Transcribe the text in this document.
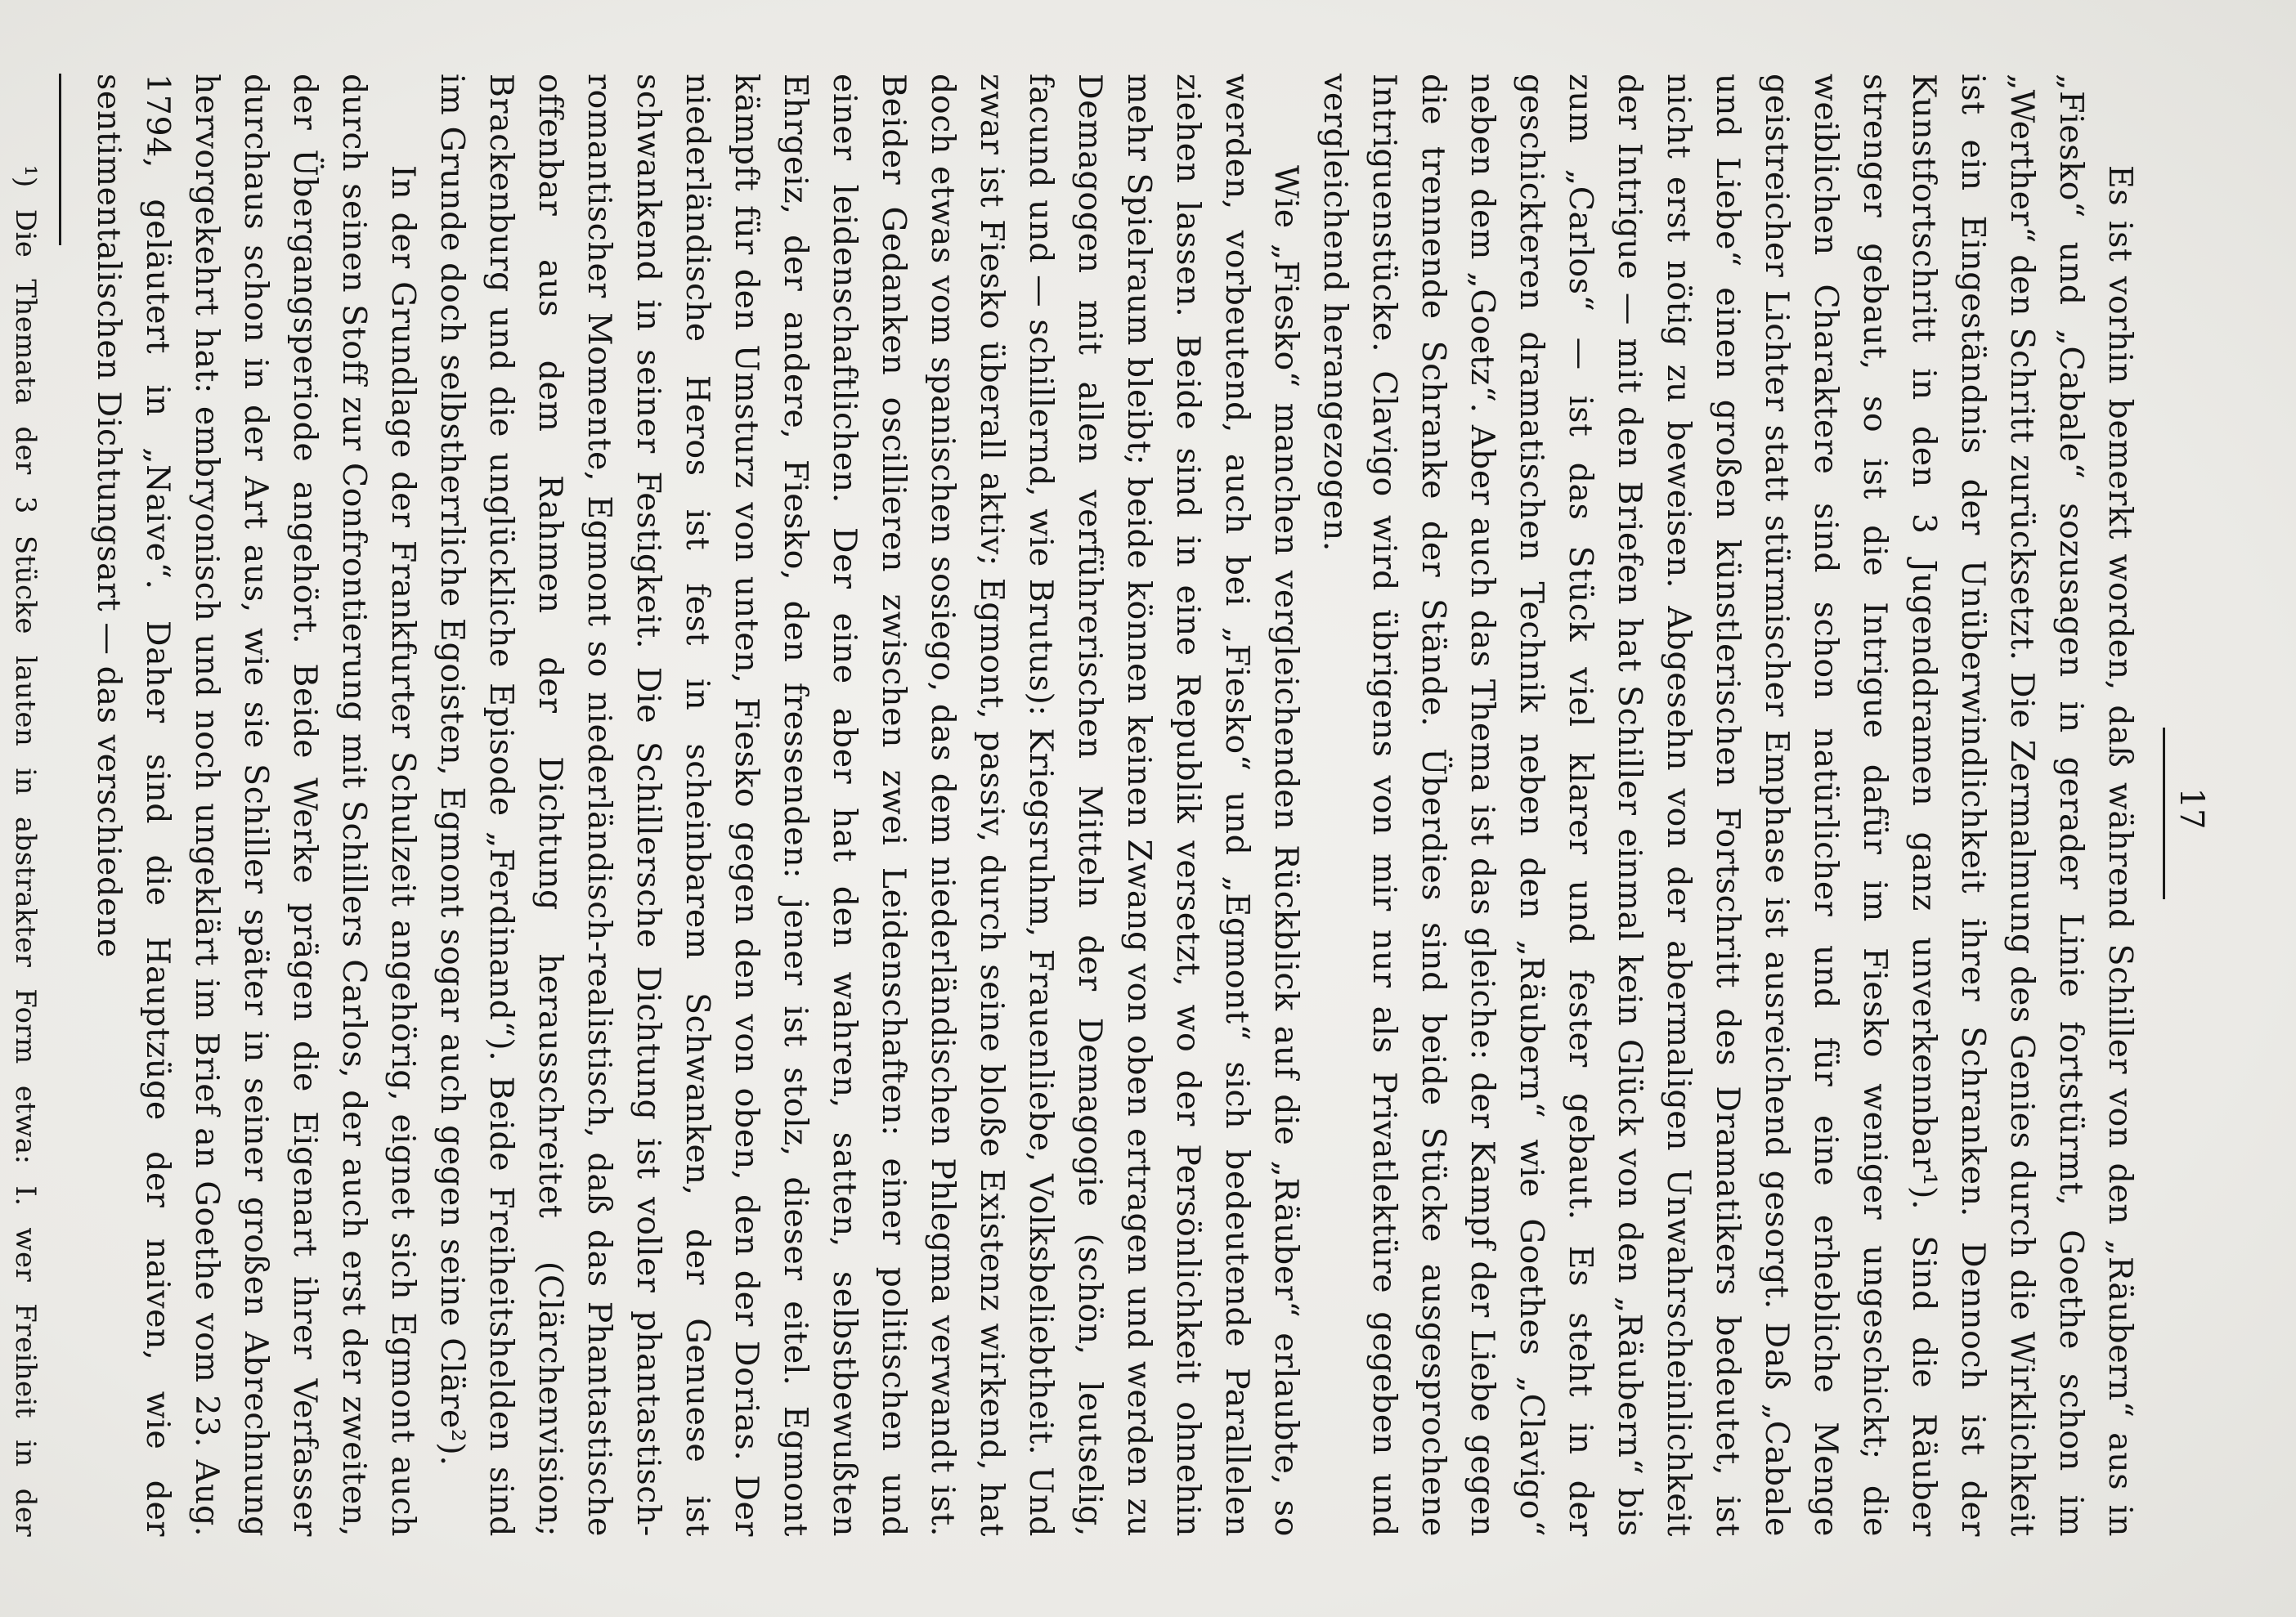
17

Es ist vorhin bemerkt worden, daß während Schiller von den „Räubern“ aus in „Fiesko“ und „Cabale“ sozusagen in gerader Linie fortstürmt, Goethe schon im „Werther“ den Schritt zurücksetzt. Die Zermalmung des Genies durch die Wirklichkeit ist ein Eingeständnis der Unüberwindlichkeit ihrer Schranken. Dennoch ist der Kunstfortschritt in den 3 Jugenddramen ganz unverkennbar¹). Sind die Räuber strenger gebaut, so ist die Intrigue dafür im Fiesko weniger ungeschickt; die weiblichen Charaktere sind schon natürlicher und für eine erhebliche Menge geistreicher Lichter statt stürmischer Emphase ist ausreichend gesorgt. Daß „Cabale und Liebe“ einen großen künstlerischen Fortschritt des Dramatikers bedeutet, ist nicht erst nötig zu beweisen. Abgesehn von der abermaligen Unwahrscheinlichkeit der Intrigue — mit den Briefen hat Schiller einmal kein Glück von den „Räubern“ bis zum „Carlos“ — ist das Stück viel klarer und fester gebaut. Es steht in der geschickteren dramatischen Technik neben den „Räubern“ wie Goethes „Clavigo“ neben dem „Goetz“. Aber auch das Thema ist das gleiche: der Kampf der Liebe gegen die trennende Schranke der Stände. Überdies sind beide Stücke ausgesprochene Intriguenstücke. Clavigo wird übrigens von mir nur als Privatlektüre gegeben und vergleichend herangezogen.

Wie „Fiesko“ manchen vergleichenden Rückblick auf die „Räuber“ erlaubte, so werden, vorbeutend, auch bei „Fiesko“ und „Egmont“ sich bedeutende Parallelen ziehen lassen. Beide sind in eine Republik versetzt, wo der Persönlichkeit ohnehin mehr Spielraum bleibt; beide können keinen Zwang von oben ertragen und werden zu Demagogen mit allen verführerischen Mitteln der Demagogie (schön, leutselig, facund und — schillernd, wie Brutus): Kriegsruhm, Frauenliebe, Volksbeliebtheit. Und zwar ist Fiesko überall aktiv; Egmont, passiv, durch seine bloße Existenz wirkend, hat doch etwas vom spanischen sosiego, das dem niederländischen Phlegma verwandt ist. Beider Gedanken oscillieren zwischen zwei Leidenschaften: einer politischen und einer leidenschaftlichen. Der eine aber hat den wahren, satten, selbstbewußten Ehrgeiz, der andere, Fiesko, den fressenden: jener ist stolz, dieser eitel. Egmont kämpft für den Umsturz von unten, Fiesko gegen den von oben, den der Dorias. Der niederländische Heros ist fest in scheinbarem Schwanken, der Genuese ist schwankend in seiner Festigkeit. Die Schillersche Dichtung ist voller phantastisch-romantischer Momente, Egmont so niederländisch-realistisch, daß das Phantastische offenbar aus dem Rahmen der Dichtung herausschreitet (Clärchenvision; Brackenburg und die unglückliche Episode „Ferdinand“). Beide Freiheitshelden sind im Grunde doch selbstherrliche Egoisten, Egmont sogar auch gegen seine Cläre²).

In der Grundlage der Frankfurter Schulzeit angehörig, eignet sich Egmont auch durch seinen Stoff zur Confrontierung mit Schillers Carlos, der auch erst der zweiten, der Übergangsperiode angehört. Beide Werke prägen die Eigenart ihrer Verfasser durchaus schon in der Art aus, wie sie Schiller später in seiner großen Abrechnung hervorgekehrt hat: embryonisch und noch ungeklärt im Brief an Goethe vom 23. Aug. 1794, geläutert in „Naive“. Daher sind die Hauptzüge der naiven, wie der sentimentalischen Dichtungsart — das verschiedene

¹) Die Themata der 3 Stücke lauten in abstrakter Form etwa: I. wer Freiheit in der
